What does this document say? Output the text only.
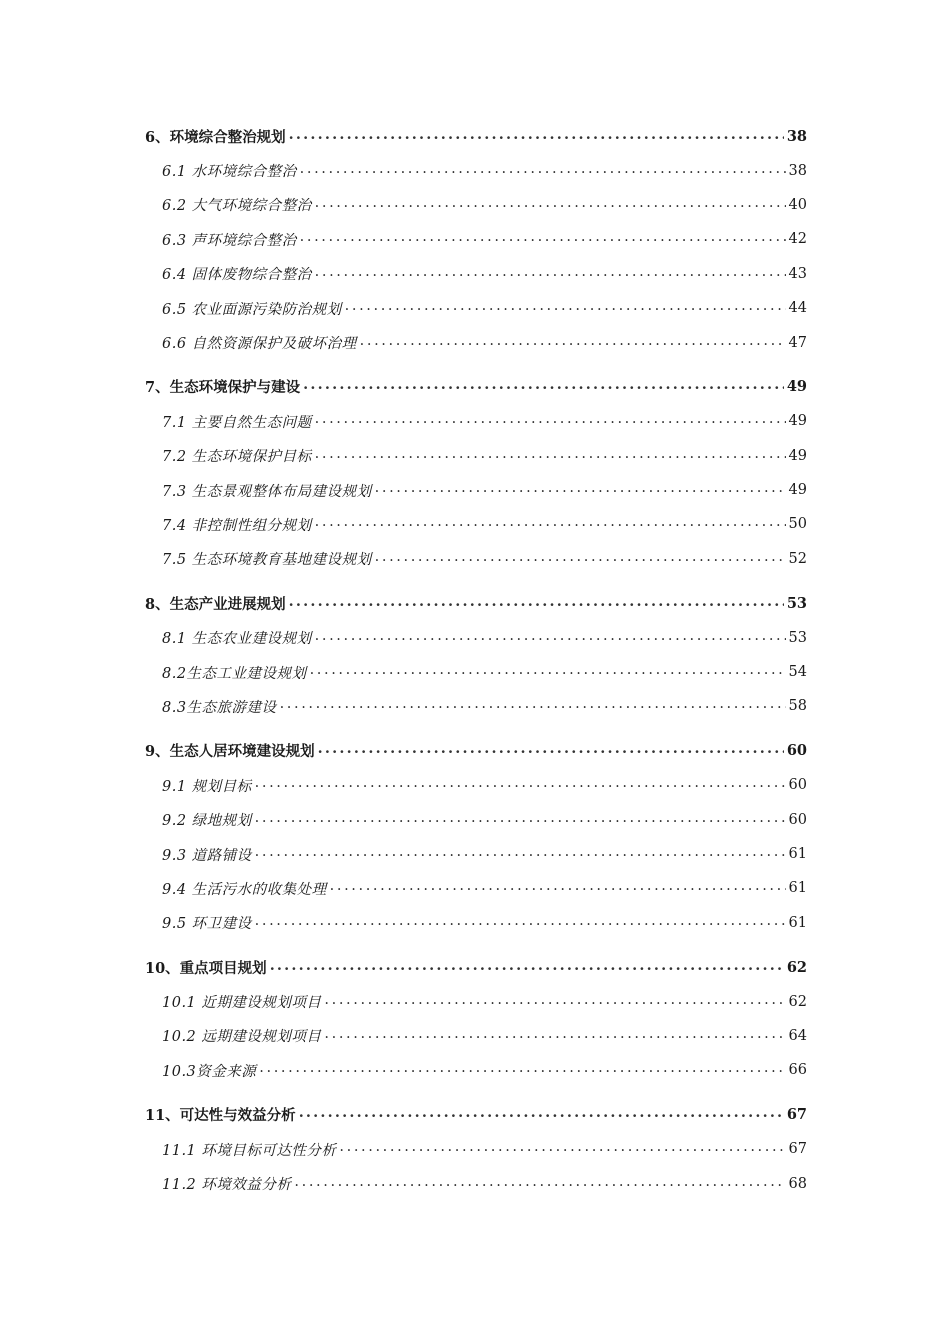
6、环境综合整治规划 .....	38
6.1 水环境综合整治 .....	38
6.2 大气环境综合整治 .....	40
6.3 声环境综合整治 .....	42
6.4 固体废物综合整治 .....	43
6.5 农业面源污染防治规划 .....	44
6.6 自然资源保护及破坏治理 .....	47
7、生态环境保护与建设 .....	49
7.1 主要自然生态问题 .....	49
7.2 生态环境保护目标 .....	49
7.3 生态景观整体布局建设规划 .....	49
7.4 非控制性组分规划 .....	50
7.5 生态环境教育基地建设规划 .....	52
8、生态产业进展规划 .....	53
8.1 生态农业建设规划 .....	53
8.2生态工业建设规划 .....	54
8.3生态旅游建设 .....	58
9、生态人居环境建设规划 .....	60
9.1 规划目标 .....	60
9.2 绿地规划 .....	60
9.3 道路铺设 .....	61
9.4 生活污水的收集处理 .....	61
9.5 环卫建设 .....	61
10、重点项目规划 .....	62
10.1 近期建设规划项目 .....	62
10.2 远期建设规划项目 .....	64
10.3资金来源 .....	66
11、可达性与效益分析 .....	67
11.1 环境目标可达性分析 .....	67
11.2 环境效益分析 .....	68
